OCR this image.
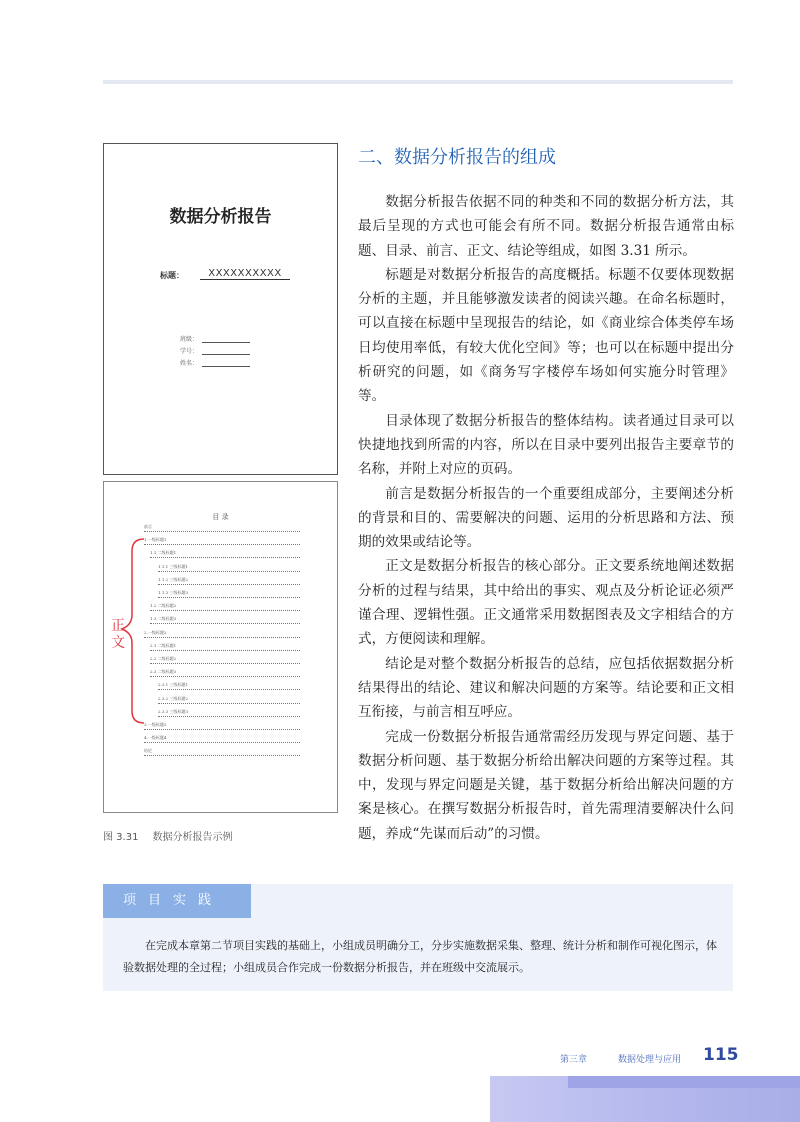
数据分析报告
标题：	XXXXXXXXXX
班级：
学号：
姓名：
目 录
前言
1.一级标题1
1.1 二级标题1
1.1.1 三级标题1
1.1.2 三级标题2
1.1.3 三级标题3
1.2 二级标题2
1.3 二级标题3
2.一级标题2
2.1 二级标题1
2.2 二级标题2
2.3 二级标题3
2.3.1 三级标题1
2.3.2 三级标题2
2.3.3 三级标题3
3.一级标题3
4.一级标题4
结论
正文
图 3.31 数据分析报告示例
二、数据分析报告的组成

数据分析报告依据不同的种类和不同的数据分析方法，其最后呈现的方式也可能会有所不同。数据分析报告通常由标题、目录、前言、正文、结论等组成，如图 3.31 所示。

标题是对数据分析报告的高度概括。标题不仅要体现数据分析的主题，并且能够激发读者的阅读兴趣。在命名标题时，可以直接在标题中呈现报告的结论，如《商业综合体类停车场日均使用率低，有较大优化空间》等；也可以在标题中提出分析研究的问题，如《商务写字楼停车场如何实施分时管理》等。

目录体现了数据分析报告的整体结构。读者通过目录可以快捷地找到所需的内容，所以在目录中要列出报告主要章节的名称，并附上对应的页码。

前言是数据分析报告的一个重要组成部分，主要阐述分析的背景和目的、需要解决的问题、运用的分析思路和方法、预期的效果或结论等。

正文是数据分析报告的核心部分。正文要系统地阐述数据分析的过程与结果，其中给出的事实、观点及分析论证必须严谨合理、逻辑性强。正文通常采用数据图表及文字相结合的方式，方便阅读和理解。

结论是对整个数据分析报告的总结，应包括依据数据分析结果得出的结论、建议和解决问题的方案等。结论要和正文相互衔接，与前言相互呼应。

完成一份数据分析报告通常需经历发现与界定问题、基于数据分析问题、基于数据分析给出解决问题的方案等过程。其中，发现与界定问题是关键，基于数据分析给出解决问题的方案是核心。在撰写数据分析报告时，首先需理清要解决什么问题，养成“先谋而后动”的习惯。

项目实践
在完成本章第二节项目实践的基础上，小组成员明确分工，分步实施数据采集、整理、统计分析和制作可视化图示，体验数据处理的全过程；小组成员合作完成一份数据分析报告，并在班级中交流展示。
第三章	数据处理与应用 115
